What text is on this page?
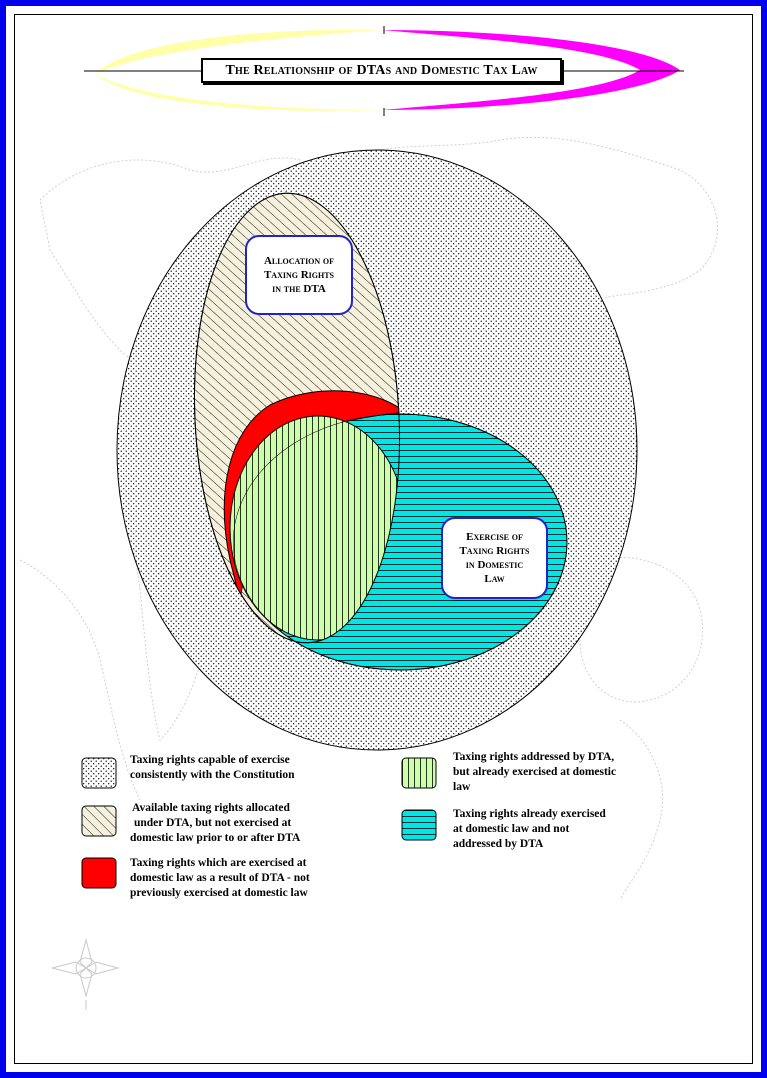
The Relationship of DTAs and Domestic Tax Law
Allocation of
Taxing Rights
in the DTA
Exercise of
Taxing Rights
in Domestic
Law
Taxing rights capable of exercise
consistently with the Constitution
Available taxing rights allocated
under DTA, but not exercised at
domestic law prior to or after DTA
Taxing rights which are exercised at
domestic law as a result of DTA - not
previously exercised at domestic law
Taxing rights addressed by DTA,
but already exercised at domestic
law
Taxing rights already exercised
at domestic law and not
addressed by DTA
